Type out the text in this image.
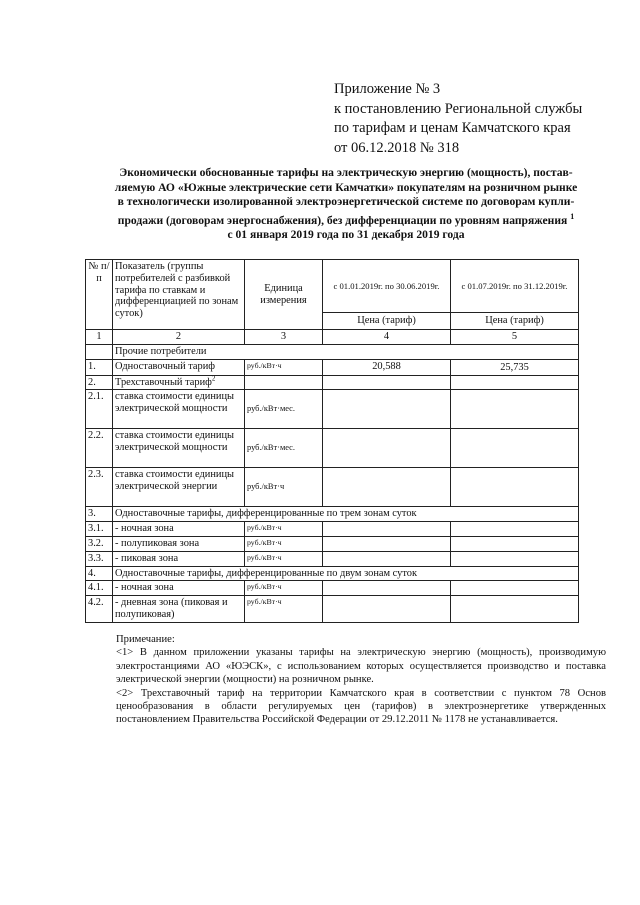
Приложение № 3
к постановлению Региональной службы
по тарифам и ценам Камчатского края
от 06.12.2018 № 318
Экономически обоснованные тарифы на электрическую энергию (мощность), постав-
ляемую АО «Южные электрические сети Камчатки» покупателям на розничном рынке
в технологически изолированной электроэнергетической системе по договорам купли-
продажи (договорам энергоснабжения), без дифференциации по уровням напряжения $^1$
с 01 января 2019 года по 31 декабря 2019 года
№ п/п	Показатель (группы потребителей с разбивкой тарифа по ставкам и дифференциацией по зонам суток)	Единица измерения	с 01.01.2019г. по 30.06.2019г.	с 01.07.2019г. по 31.12.2019г.
			Цена (тариф)	Цена (тариф)
1	2	3	4	5
	Прочие потребители			
1.	Одноставочный тариф	руб./кВт·ч	20,588	25,735
2.	Трехставочный тариф$^2$			
2.1.	ставка стоимости единицы электрической мощности	руб./кВт·мес.		
2.2.	ставка стоимости единицы электрической мощности	руб./кВт·мес.		
2.3.	ставка стоимости единицы электрической энергии	руб./кВт·ч		
3.	Одноставочные тарифы, дифференцированные по трем зонам суток			
3.1.	- ночная зона	руб./кВт·ч		
3.2.	- полупиковая зона	руб./кВт·ч		
3.3.	- пиковая зона	руб./кВт·ч		
4.	Одноставочные тарифы, дифференцированные по двум зонам суток			
4.1.	- ночная зона	руб./кВт·ч		
4.2.	- дневная зона (пиковая и полупиковая)	руб./кВт·ч		

Примечание:

<1> В данном приложении указаны тарифы на электрическую энергию (мощность), производимую электростанциями АО «ЮЭСК», с использованием которых осуществляется производство и поставка электрической энергии (мощности) на розничном рынке.

<2> Трехставочный тариф на территории Камчатского края в соответствии с пунктом 78 Основ ценообразования в области регулируемых цен (тарифов) в электроэнергетике утвержденных постановлением Правительства Российской Федерации от 29.12.2011 № 1178 не устанавливается.
